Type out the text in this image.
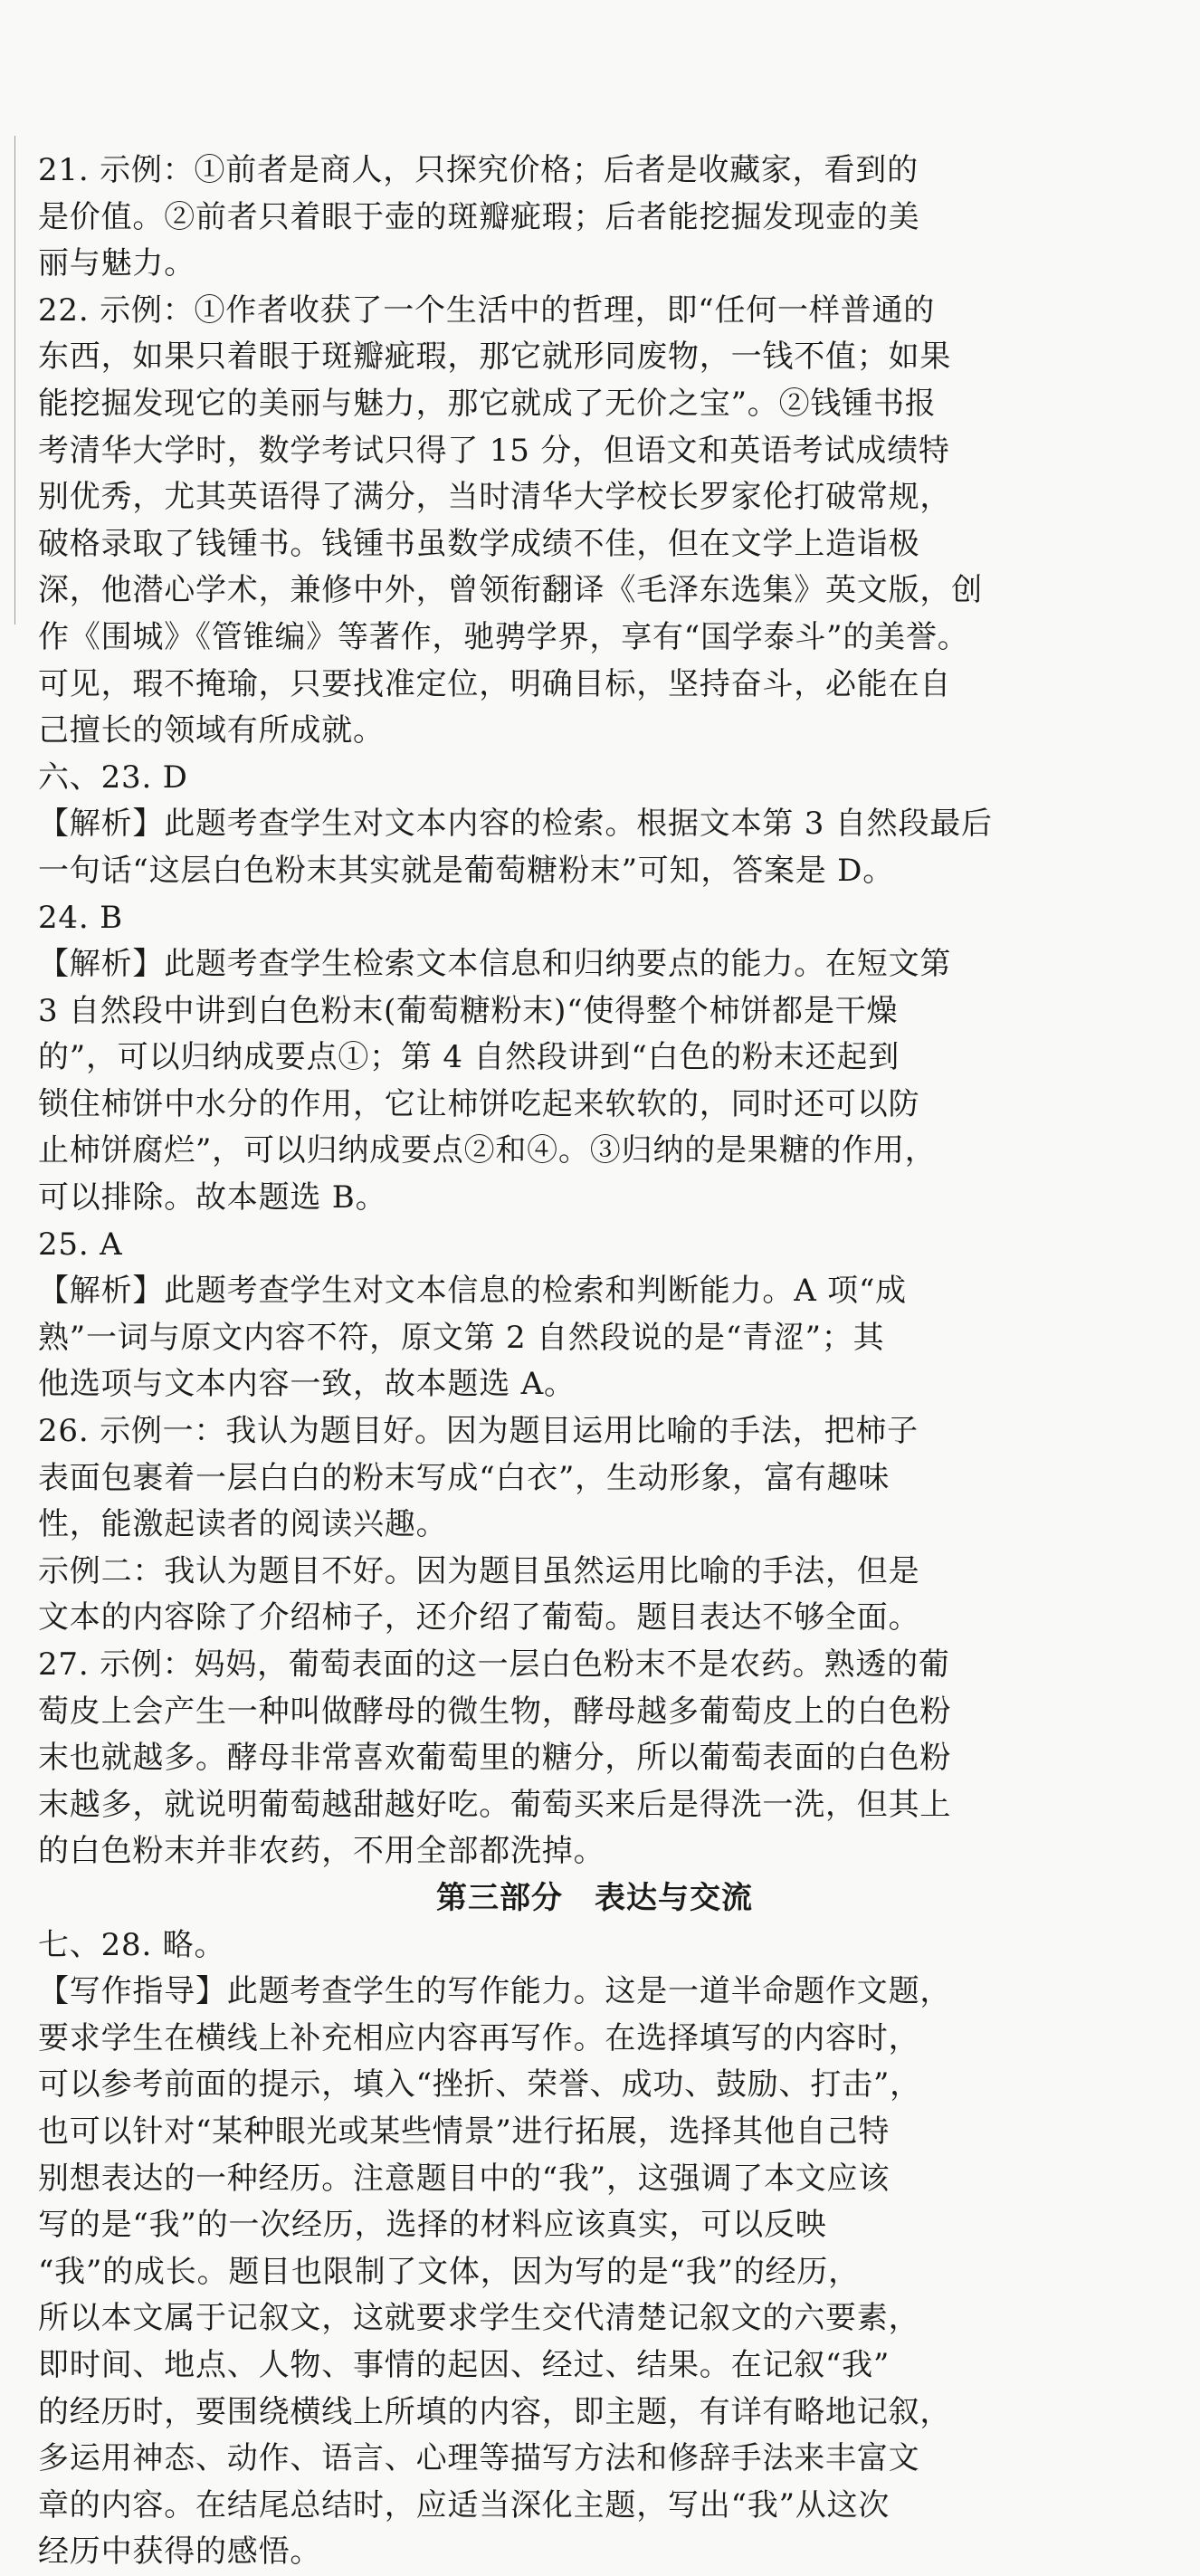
21. 示例：①前者是商人，只探究价格；后者是收藏家，看到的
是价值。②前者只着眼于壶的斑瓣疵瑕；后者能挖掘发现壶的美
丽与魅力。
22. 示例：①作者收获了一个生活中的哲理，即“任何一样普通的
东西，如果只着眼于斑瓣疵瑕，那它就形同废物，一钱不值；如果
能挖掘发现它的美丽与魅力，那它就成了无价之宝”。②钱锺书报
考清华大学时，数学考试只得了 15 分，但语文和英语考试成绩特
别优秀，尤其英语得了满分，当时清华大学校长罗家伦打破常规，
破格录取了钱锺书。钱锺书虽数学成绩不佳，但在文学上造诣极
深，他潜心学术，兼修中外，曾领衔翻译《毛泽东选集》英文版，创
作《围城》《管锥编》等著作，驰骋学界，享有“国学泰斗”的美誉。
可见，瑕不掩瑜，只要找准定位，明确目标，坚持奋斗，必能在自
己擅长的领域有所成就。
六、23. D
【解析】此题考查学生对文本内容的检索。根据文本第 3 自然段最后
一句话“这层白色粉末其实就是葡萄糖粉末”可知，答案是 D。
24. B
【解析】此题考查学生检索文本信息和归纳要点的能力。在短文第
3 自然段中讲到白色粉末(葡萄糖粉末)“使得整个柿饼都是干燥
的”，可以归纳成要点①；第 4 自然段讲到“白色的粉末还起到
锁住柿饼中水分的作用，它让柿饼吃起来软软的，同时还可以防
止柿饼腐烂”，可以归纳成要点②和④。③归纳的是果糖的作用，
可以排除。故本题选 B。
25. A
【解析】此题考查学生对文本信息的检索和判断能力。A 项“成
熟”一词与原文内容不符，原文第 2 自然段说的是“青涩”；其
他选项与文本内容一致，故本题选 A。
26. 示例一：我认为题目好。因为题目运用比喻的手法，把柿子
表面包裹着一层白白的粉末写成“白衣”，生动形象，富有趣味
性，能激起读者的阅读兴趣。
示例二：我认为题目不好。因为题目虽然运用比喻的手法，但是
文本的内容除了介绍柿子，还介绍了葡萄。题目表达不够全面。
27. 示例：妈妈，葡萄表面的这一层白色粉末不是农药。熟透的葡
萄皮上会产生一种叫做酵母的微生物，酵母越多葡萄皮上的白色粉
末也就越多。酵母非常喜欢葡萄里的糖分，所以葡萄表面的白色粉
末越多，就说明葡萄越甜越好吃。葡萄买来后是得洗一洗，但其上
的白色粉末并非农药，不用全部都洗掉。
第三部分　表达与交流
七、28. 略。
【写作指导】此题考查学生的写作能力。这是一道半命题作文题，
要求学生在横线上补充相应内容再写作。在选择填写的内容时，
可以参考前面的提示，填入“挫折、荣誉、成功、鼓励、打击”，
也可以针对“某种眼光或某些情景”进行拓展，选择其他自己特
别想表达的一种经历。注意题目中的“我”，这强调了本文应该
写的是“我”的一次经历，选择的材料应该真实，可以反映
“我”的成长。题目也限制了文体，因为写的是“我”的经历，
所以本文属于记叙文，这就要求学生交代清楚记叙文的六要素，
即时间、地点、人物、事情的起因、经过、结果。在记叙“我”
的经历时，要围绕横线上所填的内容，即主题，有详有略地记叙，
多运用神态、动作、语言、心理等描写方法和修辞手法来丰富文
章的内容。在结尾总结时，应适当深化主题，写出“我”从这次
经历中获得的感悟。
